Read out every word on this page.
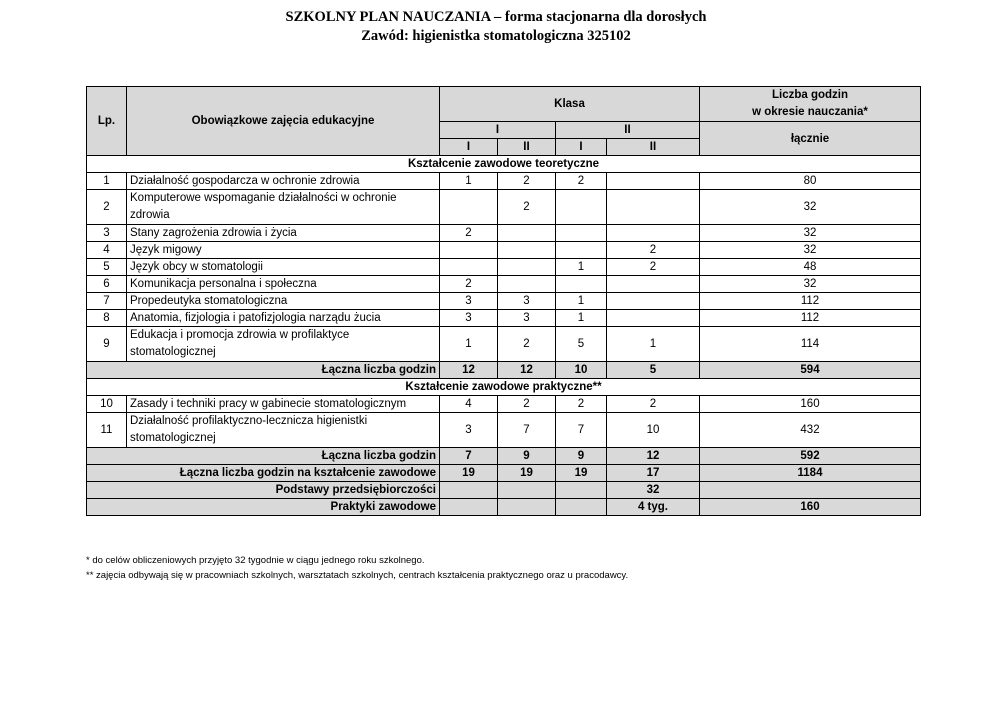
SZKOLNY PLAN NAUCZANIA – forma stacjonarna dla dorosłych
Zawód: higienistka stomatologiczna 325102
Lp.	Obowiązkowe zajęcia edukacyjne	Klasa				Liczba godzin
w okresie nauczania*

		I		II		łącznie
		I	II	I	II	
Kształcenie zawodowe teoretyczne						
1	Działalność gospodarcza w ochronie zdrowia	1	2	2		80
2	Komputerowe wspomaganie działalności w ochronie zdrowia		2			32
3	Stany zagrożenia zdrowia i życia	2				32
4	Język migowy				2	32
5	Język obcy w stomatologii			1	2	48
6	Komunikacja personalna i społeczna	2				32
7	Propedeutyka stomatologiczna	3	3	1		112
8	Anatomia, fizjologia i patofizjologia narządu żucia	3	3	1		112
9	Edukacja i promocja zdrowia w profilaktyce stomatologicznej	1	2	5	1	114
Łączna liczba godzin		12	12	10	5	594
Kształcenie zawodowe praktyczne**						
10	Zasady i techniki pracy w gabinecie stomatologicznym	4	2	2	2	160
11	Działalność profilaktyczno-lecznicza higienistki stomatologicznej	3	7	7	10	432
Łączna liczba godzin		7	9	9	12	592
Łączna liczba godzin na kształcenie zawodowe		19	19	19	17	1184
Podstawy przedsiębiorczości					32	
Praktyki zawodowe					4 tyg.	160
* do celów obliczeniowych przyjęto 32 tygodnie w ciągu jednego roku szkolnego.
** zajęcia odbywają się w pracowniach szkolnych, warsztatach szkolnych, centrach kształcenia praktycznego oraz u pracodawcy.
